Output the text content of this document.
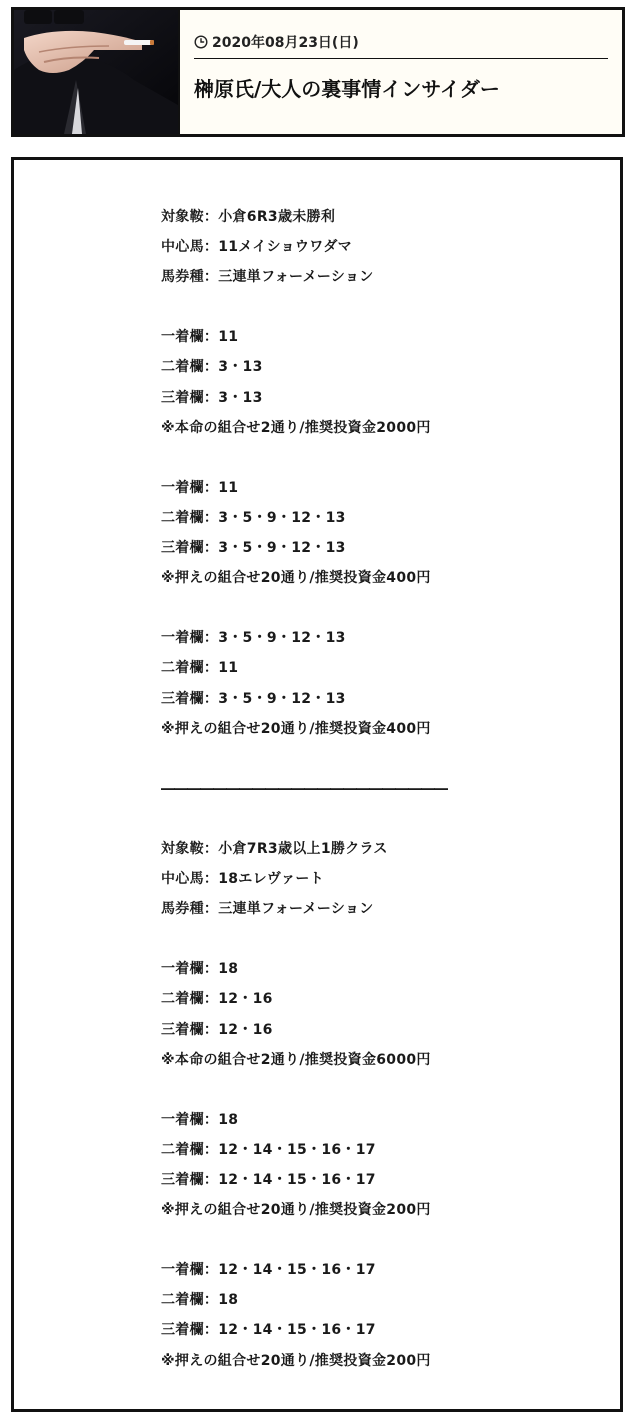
2020年08月23日(日)
榊原氏/大人の裏事情インサイダー
対象鞍：小倉6R3歳未勝利
中心馬：11メイショウワダマ
馬券種：三連単フォーメーション
一着欄：11
二着欄：3・13
三着欄：3・13
※本命の組合せ2通り/推奨投資金2000円
一着欄：11
二着欄：3・5・9・12・13
三着欄：3・5・9・12・13
※押えの組合せ20通り/推奨投資金400円
一着欄：3・5・9・12・13
二着欄：11
三着欄：3・5・9・12・13
※押えの組合せ20通り/推奨投資金400円
――――――――――――――――――――――
対象鞍：小倉7R3歳以上1勝クラス
中心馬：18エレヴァート
馬券種：三連単フォーメーション
一着欄：18
二着欄：12・16
三着欄：12・16
※本命の組合せ2通り/推奨投資金6000円
一着欄：18
二着欄：12・14・15・16・17
三着欄：12・14・15・16・17
※押えの組合せ20通り/推奨投資金200円
一着欄：12・14・15・16・17
二着欄：18
三着欄：12・14・15・16・17
※押えの組合せ20通り/推奨投資金200円
